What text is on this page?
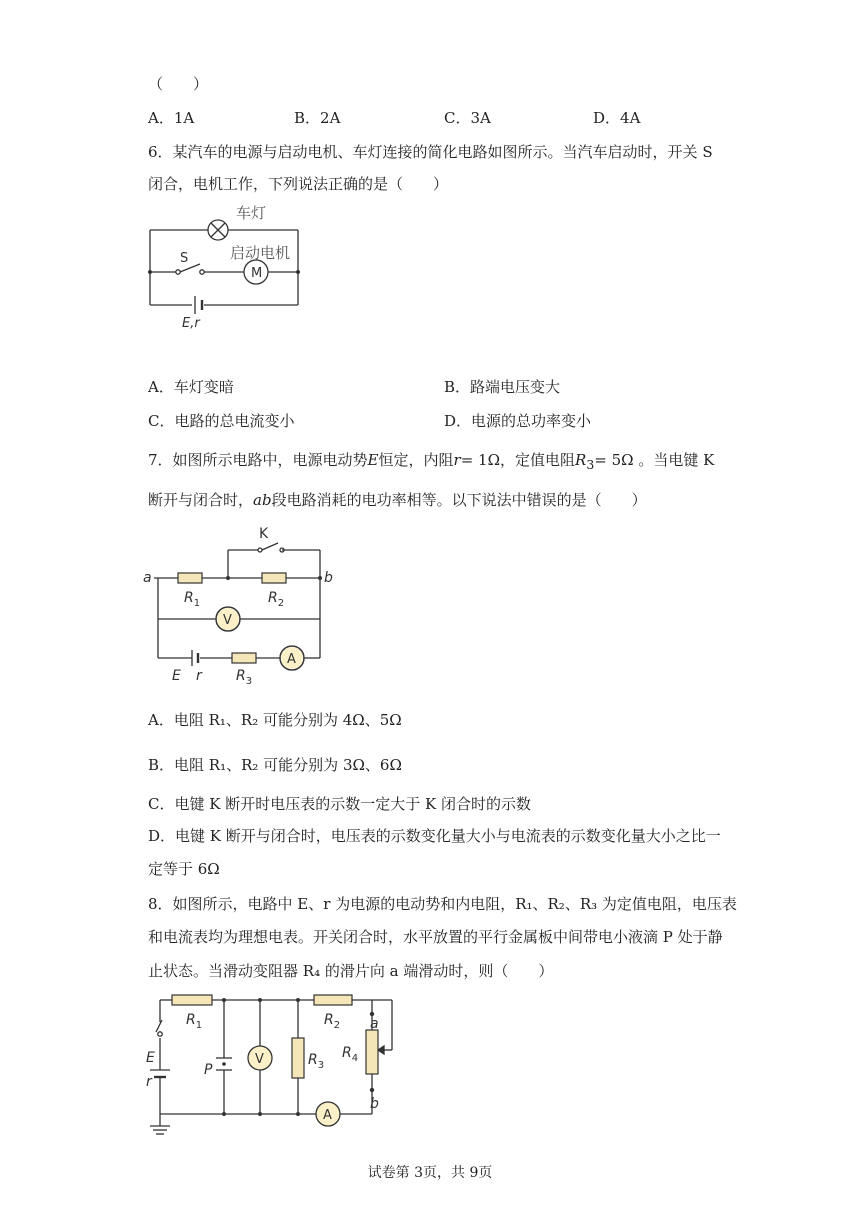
（　　）
A．1A	B．2A	C．3A	D．4A
6．某汽车的电源与启动电机、车灯连接的简化电路如图所示。当汽车启动时，开关 S
闭合，电机工作，下列说法正确的是（　　）
车灯
启动电机
S
M
E,r
A．车灯变暗	B．路端电压变大
C．电路的总电流变小	D．电源的总功率变小
7．如图所示电路中，电源电动势E恒定，内阻r= 1Ω，定值电阻$R_3= 5\Omega$ 。当电键 K
断开与闭合时，ab段电路消耗的电功率相等。以下说法中错误的是（　　）
K
a	b
$R_1$	$R_2$
V
A
E r $R_3$
A．电阻 R₁、R₂ 可能分别为 4Ω、5Ω
B．电阻 R₁、R₂ 可能分别为 3Ω、6Ω
C．电键 K 断开时电压表的示数一定大于 K 闭合时的示数
D．电键 K 断开与闭合时，电压表的示数变化量大小与电流表的示数变化量大小之比一
定等于 6Ω
8．如图所示，电路中 E、r 为电源的电动势和内电阻，R₁、R₂、R₃ 为定值电阻，电压表
和电流表均为理想电表。开关闭合时，水平放置的平行金属板中间带电小液滴 P 处于静
止状态。当滑动变阻器 R₄ 的滑片向 a 端滑动时，则（　　）
$R_1$	$R_2$
$R_3$
$R_4$
a
b
E
r
P
V
A
试卷第 3页，共 9页
